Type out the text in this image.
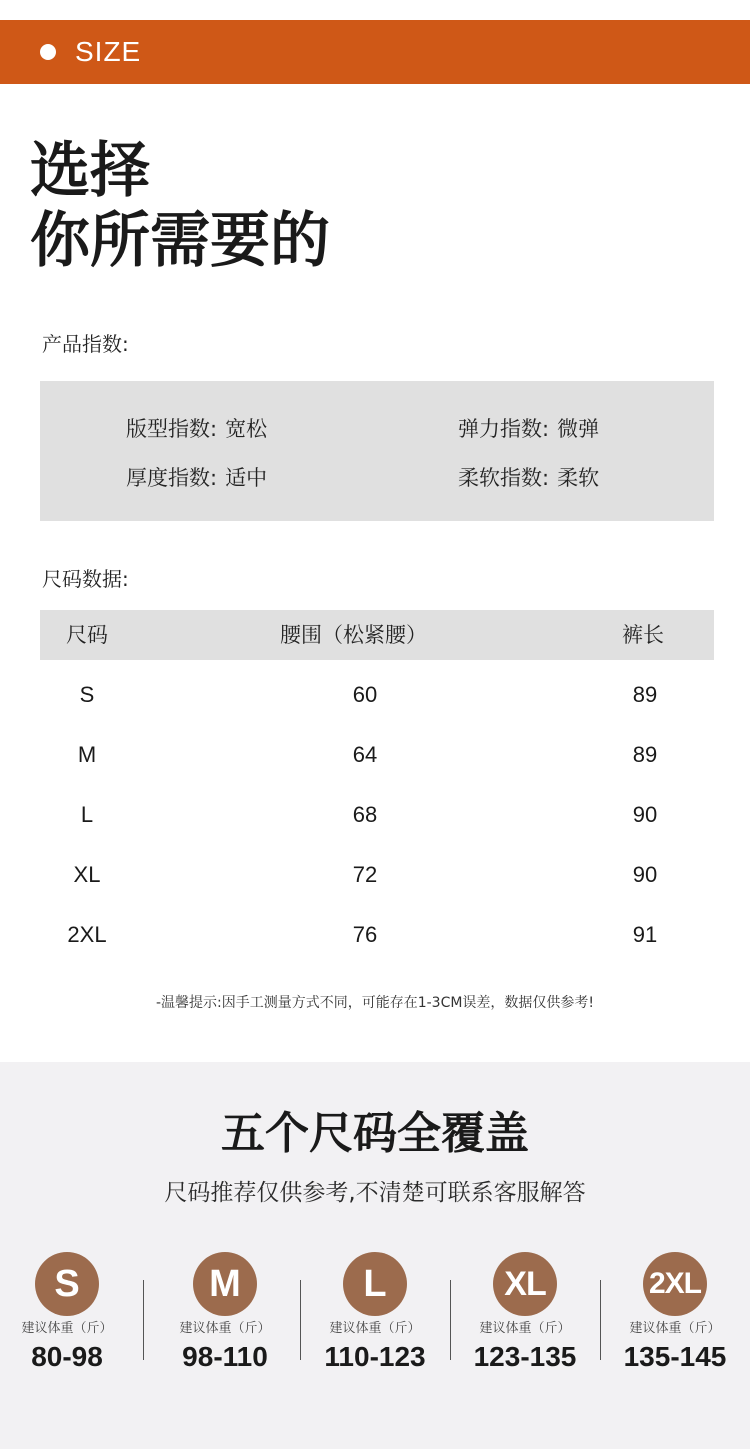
SIZE
选择
你所需要的
产品指数:
版型指数: 宽松	弹力指数: 微弹
厚度指数: 适中	柔软指数: 柔软
尺码数据:
尺码	腰围（松紧腰）	裤长
S	60	89
M	64	89
L	68	90
XL	72	90
2XL	76	91
-温馨提示:因手工测量方式不同，可能存在1-3CM误差，数据仅供参考!
五个尺码全覆盖
尺码推荐仅供参考,不清楚可联系客服解答
S
建议体重（斤）
80-98
M
建议体重（斤）
98-110
L
建议体重（斤）
110-123
XL
建议体重（斤）
123-135
2XL
建议体重（斤）
135-145
